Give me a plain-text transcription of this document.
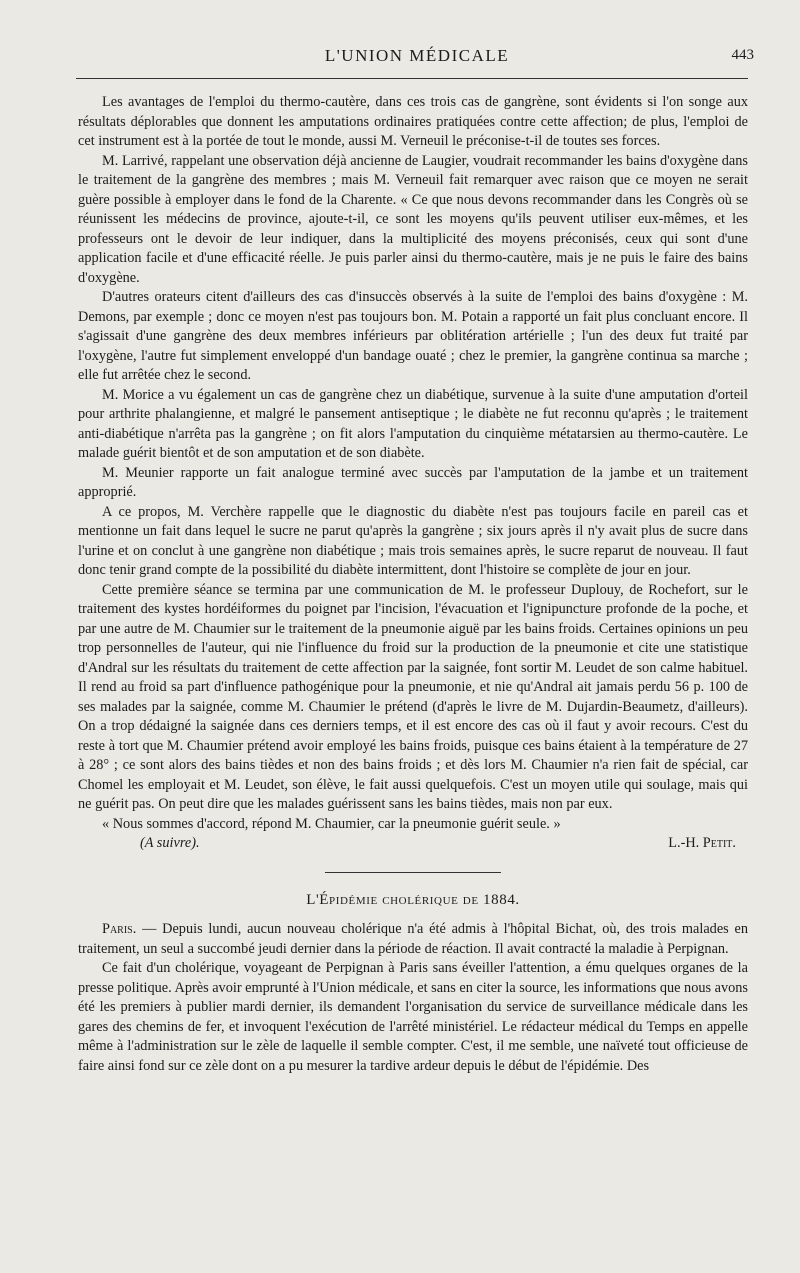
L'UNION MÉDICALE	443

Les avantages de l'emploi du thermo-cautère, dans ces trois cas de gangrène, sont évidents si l'on songe aux résultats déplorables que donnent les amputations ordinaires pratiquées contre cette affection; de plus, l'emploi de cet instrument est à la portée de tout le monde, aussi M. Verneuil le préconise-t-il de toutes ses forces.

M. Larrivé, rappelant une observation déjà ancienne de Laugier, voudrait recommander les bains d'oxygène dans le traitement de la gangrène des membres ; mais M. Verneuil fait remarquer avec raison que ce moyen ne serait guère possible à employer dans le fond de la Charente. « Ce que nous devons recommander dans les Congrès où se réunissent les médecins de province, ajoute-t-il, ce sont les moyens qu'ils peuvent utiliser eux-mêmes, et les professeurs ont le devoir de leur indiquer, dans la multiplicité des moyens préconisés, ceux qui sont d'une application facile et d'une efficacité réelle. Je puis parler ainsi du thermo-cautère, mais je ne puis le faire des bains d'oxygène.

D'autres orateurs citent d'ailleurs des cas d'insuccès observés à la suite de l'emploi des bains d'oxygène : M. Demons, par exemple ; donc ce moyen n'est pas toujours bon. M. Potain a rapporté un fait plus concluant encore. Il s'agissait d'une gangrène des deux membres inférieurs par oblitération artérielle ; l'un des deux fut traité par l'oxygène, l'autre fut simplement enveloppé d'un bandage ouaté ; chez le premier, la gangrène continua sa marche ; elle fut arrêtée chez le second.

M. Morice a vu également un cas de gangrène chez un diabétique, survenue à la suite d'une amputation d'orteil pour arthrite phalangienne, et malgré le pansement antiseptique ; le diabète ne fut reconnu qu'après ; le traitement anti-diabétique n'arrêta pas la gangrène ; on fit alors l'amputation du cinquième métatarsien au thermo-cautère. Le malade guérit bientôt et de son amputation et de son diabète.

M. Meunier rapporte un fait analogue terminé avec succès par l'amputation de la jambe et un traitement approprié.

A ce propos, M. Verchère rappelle que le diagnostic du diabète n'est pas toujours facile en pareil cas et mentionne un fait dans lequel le sucre ne parut qu'après la gangrène ; six jours après il n'y avait plus de sucre dans l'urine et on conclut à une gangrène non diabétique ; mais trois semaines après, le sucre reparut de nouveau. Il faut donc tenir grand compte de la possibilité du diabète intermittent, dont l'histoire se complète de jour en jour.

Cette première séance se termina par une communication de M. le professeur Duplouy, de Rochefort, sur le traitement des kystes hordéiformes du poignet par l'incision, l'évacuation et l'ignipuncture profonde de la poche, et par une autre de M. Chaumier sur le traitement de la pneumonie aiguë par les bains froids. Certaines opinions un peu trop personnelles de l'auteur, qui nie l'influence du froid sur la production de la pneumonie et cite une statistique d'Andral sur les résultats du traitement de cette affection par la saignée, font sortir M. Leudet de son calme habituel. Il rend au froid sa part d'influence pathogénique pour la pneumonie, et nie qu'Andral ait jamais perdu 56 p. 100 de ses malades par la saignée, comme M. Chaumier le prétend (d'après le livre de M. Dujardin-Beaumetz, d'ailleurs). On a trop dédaigné la saignée dans ces derniers temps, et il est encore des cas où il faut y avoir recours. C'est du reste à tort que M. Chaumier prétend avoir employé les bains froids, puisque ces bains étaient à la température de 27 à 28° ; ce sont alors des bains tièdes et non des bains froids ; et dès lors M. Chaumier n'a rien fait de spécial, car Chomel les employait et M. Leudet, son élève, le fait aussi quelquefois. C'est un moyen utile qui soulage, mais qui ne guérit pas. On peut dire que les malades guérissent sans les bains tièdes, mais non par eux.

« Nous sommes d'accord, répond M. Chaumier, car la pneumonie guérit seule. »

(A suivre).	L.-H. Petit.
L'Épidémie cholérique de 1884.

Paris. — Depuis lundi, aucun nouveau cholérique n'a été admis à l'hôpital Bichat, où, des trois malades en traitement, un seul a succombé jeudi dernier dans la période de réaction. Il avait contracté la maladie à Perpignan.

Ce fait d'un cholérique, voyageant de Perpignan à Paris sans éveiller l'attention, a ému quelques organes de la presse politique. Après avoir emprunté à l'Union médicale, et sans en citer la source, les informations que nous avons été les premiers à publier mardi dernier, ils demandent l'organisation du service de surveillance médicale dans les gares des chemins de fer, et invoquent l'exécution de l'arrêté ministériel. Le rédacteur médical du Temps en appelle même à l'administration sur le zèle de laquelle il semble compter. C'est, il me semble, une naïveté tout officieuse de faire ainsi fond sur ce zèle dont on a pu mesurer la tardive ardeur depuis le début de l'épidémie. Des
